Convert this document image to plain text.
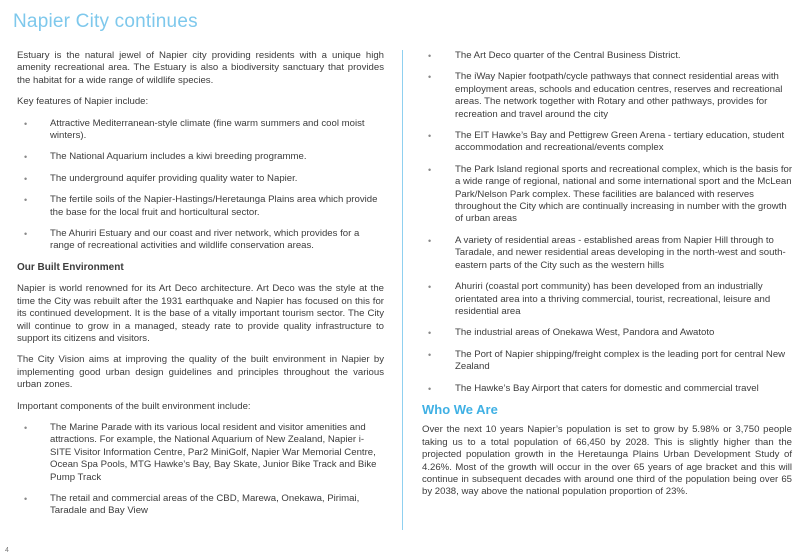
Napier City continues

Estuary is the natural jewel of Napier city providing residents with a unique high amenity recreational area. The Estuary is also a biodiversity sanctuary that provides the habitat for a wide range of wildlife species.

Key features of Napier include:

• Attractive Mediterranean-style climate (fine warm summers and cool moist winters).
• The National Aquarium includes a kiwi breeding programme.
• The underground aquifer providing quality water to Napier.
• The fertile soils of the Napier-Hastings/Heretaunga Plains area which provide the base for the local fruit and horticultural sector.
• The Ahuriri Estuary and our coast and river network, which provides for a range of recreational activities and wildlife conservation areas.
Our Built Environment

Napier is world renowned for its Art Deco architecture. Art Deco was the style at the time the City was rebuilt after the 1931 earthquake and Napier has focused on this for its continued development. It is the base of a vitally important tourism sector. The City will continue to grow in a managed, steady rate to provide quality infrastructure to support its citizens and visitors.

The City Vision aims at improving the quality of the built environment in Napier by implementing good urban design guidelines and principles throughout the various urban zones.

Important components of the built environment include:

• The Marine Parade with its various local resident and visitor amenities and attractions. For example, the National Aquarium of New Zealand, Napier i-SITE Visitor Information Centre, Par2 MiniGolf, Napier War Memorial Centre, Ocean Spa Pools, MTG Hawke’s Bay, Bay Skate, Junior Bike Track and Bike Pump Track
• The retail and commercial areas of the CBD, Marewa, Onekawa, Pirimai, Taradale and Bay View
• The Art Deco quarter of the Central Business District.
• The iWay Napier footpath/cycle pathways that connect residential areas with employment areas, schools and education centres, reserves and recreational areas. The network together with Rotary and other pathways, provides for recreation and travel around the city
• The EIT Hawke’s Bay and Pettigrew Green Arena - tertiary education, student accommodation and recreational/events complex
• The Park Island regional sports and recreational complex, which is the basis for a wide range of regional, national and some international sport and the McLean Park/Nelson Park complex. These facilities are balanced with reserves throughout the City which are continually increasing in number with the growth of urban areas
• A variety of residential areas - established areas from Napier Hill through to Taradale, and newer residential areas developing in the north-west and south-eastern parts of the City such as the western hills
• Ahuriri (coastal port community) has been developed from an industrially orientated area into a thriving commercial, tourist, recreational, leisure and residential area
• The industrial areas of Onekawa West, Pandora and Awatoto
• The Port of Napier shipping/freight complex is the leading port for central New Zealand
• The Hawke’s Bay Airport that caters for domestic and commercial travel
Who We Are

Over the next 10 years Napier’s population is set to grow by 5.98% or 3,750 people taking us to a total population of 66,450 by 2028. This is slightly higher than the projected population growth in the Heretaunga Plains Urban Development Study of 4.26%. Most of the growth will occur in the over 65 years of age bracket and this will continue in subsequent decades with around one third of the population being over 65 by 2038, way above the national population proportion of 23%.

4
